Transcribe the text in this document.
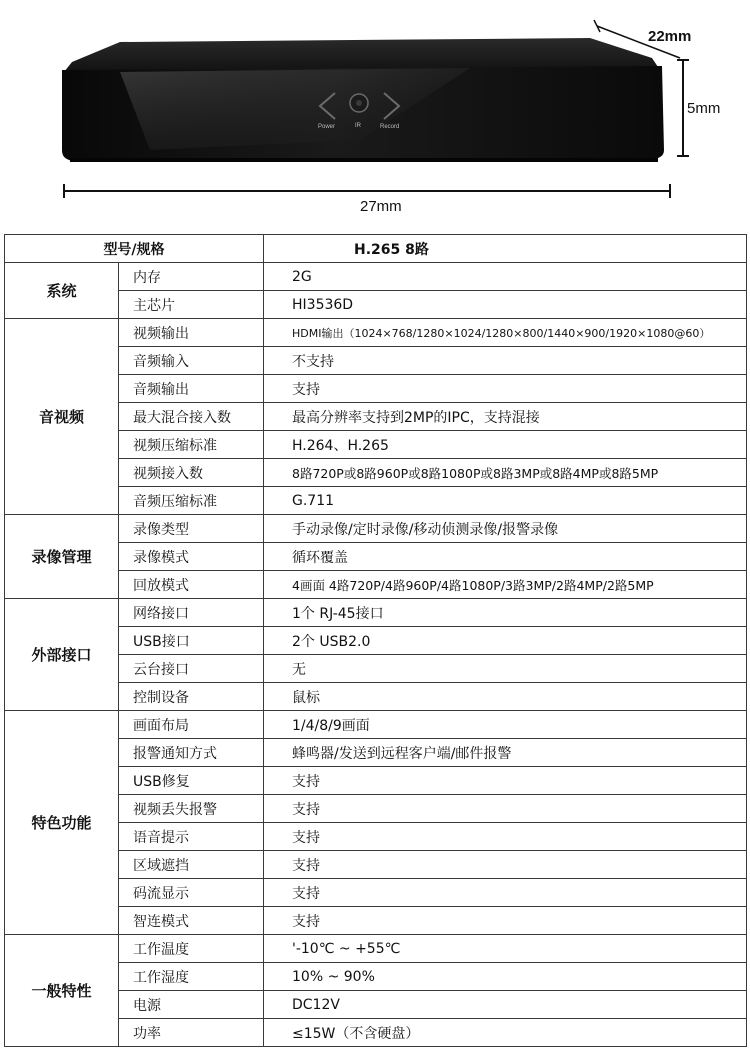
Power	IR	Record
22mm
5mm
27mm
型号/规格		H.265 8路
系统	内存	2G
	主芯片	HI3536D
音视频	视频输出	HDMI输出（1024×768/1280×1024/1280×800/1440×900/1920×1080@60）
	音频输入	不支持
	音频输出	支持
	最大混合接入数	最高分辨率支持到2MP的IPC，支持混接
	视频压缩标准	H.264、H.265
	视频接入数	8路720P或8路960P或8路1080P或8路3MP或8路4MP或8路5MP
	音频压缩标准	G.711
录像管理	录像类型	手动录像/定时录像/移动侦测录像/报警录像
	录像模式	循环覆盖
	回放模式	4画面 4路720P/4路960P/4路1080P/3路3MP/2路4MP/2路5MP
外部接口	网络接口	1个 RJ-45接口
	USB接口	2个 USB2.0
	云台接口	无
	控制设备	鼠标
特色功能	画面布局	1/4/8/9画面
	报警通知方式	蜂鸣器/发送到远程客户端/邮件报警
	USB修复	支持
	视频丢失报警	支持
	语音提示	支持
	区域遮挡	支持
	码流显示	支持
	智连模式	支持
一般特性	工作温度	'-10℃ ~ +55℃
	工作湿度	10% ~ 90%
	电源	DC12V
	功率	≤15W（不含硬盘）
